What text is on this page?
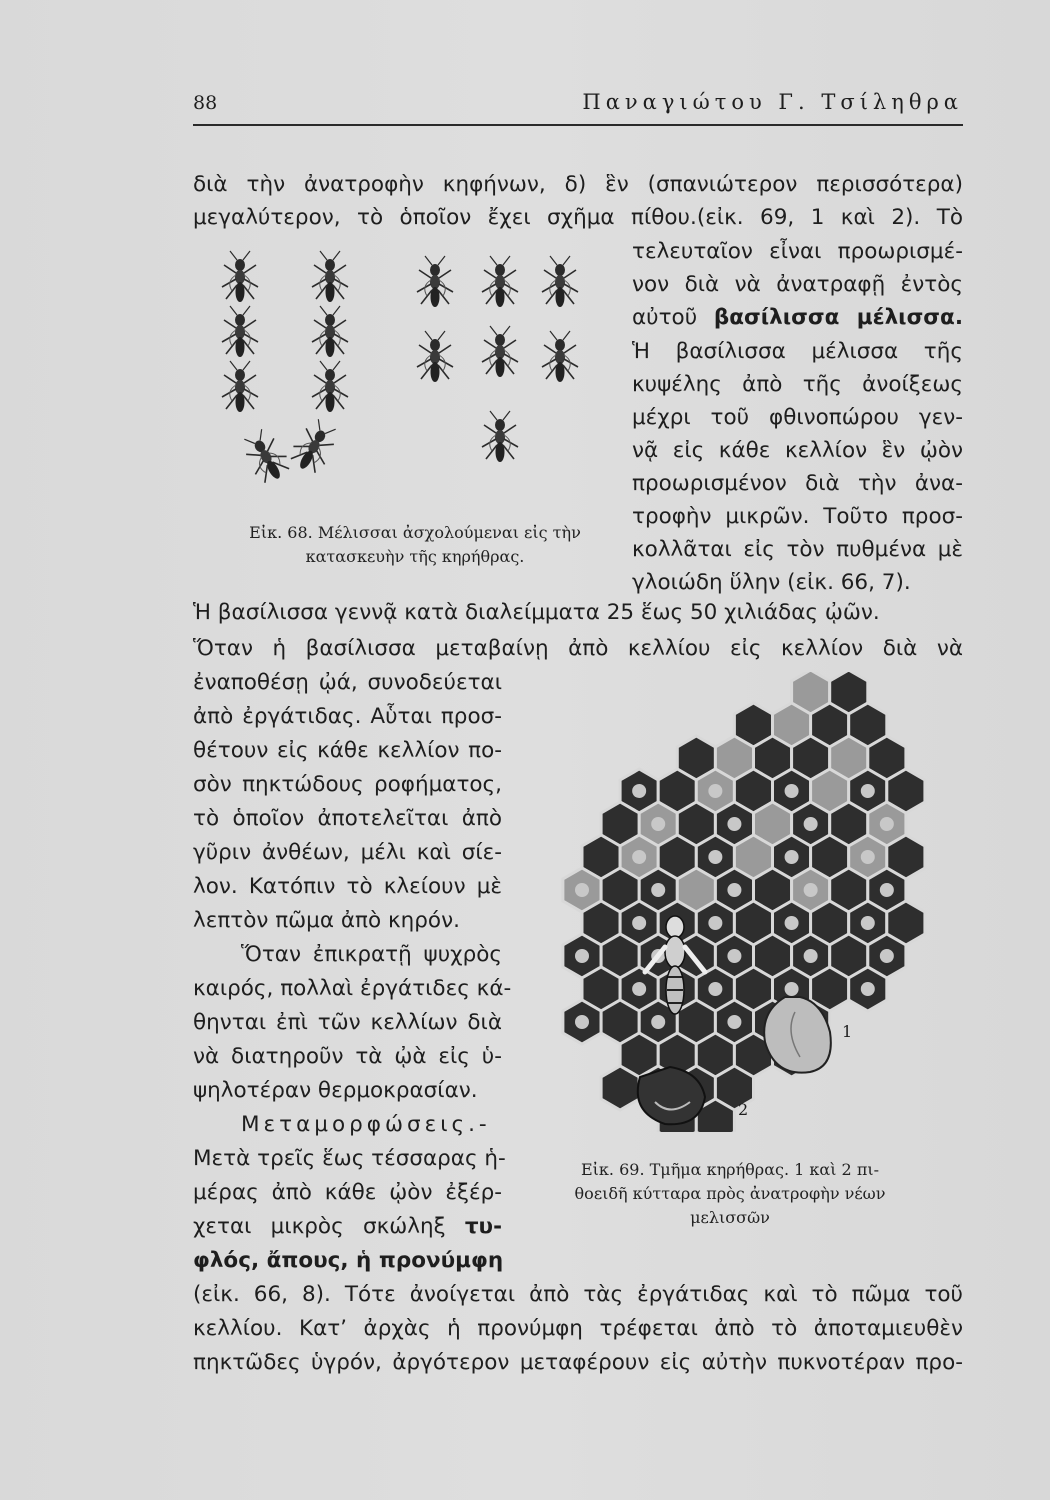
88	Παναγιώτου Γ. Τσίληθρα
διὰ τὴν ἀνατροφὴν κηφήνων, δ) ἓν (σπανιώτερον περισσότερα)
μεγαλύτερον, τὸ ὁποῖον ἔχει σχῆμα πίθου.(εἰκ. 69, 1 καὶ 2). Τὸ
τελευταῖον εἶναι προωρισμέ-
νον διὰ νὰ ἀνατραφῇ ἐντὸς
αὐτοῦ βασίλισσα μέλισσα.
Ἡ βασίλισσα μέλισσα τῆς
κυψέλης ἀπὸ τῆς ἀνοίξεως
μέχρι τοῦ φθινοπώρου γεν-
νᾷ εἰς κάθε κελλίον ἓν ᾠὸν
προωρισμένον διὰ τὴν ἀνα-
τροφὴν μικρῶν. Τοῦτο προσ-
κολλᾶται εἰς τὸν πυθμένα μὲ
γλοιώδη ὕλην (εἰκ. 66, 7).
Εἰκ. 68. Μέλισσαι ἀσχολούμεναι εἰς τὴν
κατασκευὴν τῆς κηρήθρας.
Ἡ βασίλισσα γεννᾷ κατὰ διαλείμματα 25 ἕως 50 χιλιάδας ᾠῶν.
Ὅταν ἡ βασίλισσα μεταβαίνῃ ἀπὸ κελλίου εἰς κελλίον διὰ νὰ
ἐναποθέσῃ ᾠά, συνοδεύεται
ἀπὸ ἐργάτιδας. Αὗται προσ-
θέτουν εἰς κάθε κελλίον πο-
σὸν πηκτώδους ροφήματος,
τὸ ὁποῖον ἀποτελεῖται ἀπὸ
γῦριν ἀνθέων, μέλι καὶ σίε-
λον. Κατόπιν τὸ κλείουν μὲ
λεπτὸν πῶμα ἀπὸ κηρόν.
Ὅταν ἐπικρατῇ ψυχρὸς
καιρός, πολλαὶ ἐργάτιδες κά-
θηνται ἐπὶ τῶν κελλίων διὰ
νὰ διατηροῦν τὰ ᾠὰ εἰς ὑ-
ψηλοτέραν θερμοκρασίαν.
Μεταμορφώσεις.-
Μετὰ τρεῖς ἕως τέσσαρας ἡ-
μέρας ἀπὸ κάθε ᾠὸν ἐξέρ-
χεται μικρὸς σκώληξ τυ-
φλός, ἄπους, ἡ προνύμφη
1
2
Εἰκ. 69. Τμῆμα κηρήθρας. 1 καὶ 2 πι-
θοειδῆ κύτταρα πρὸς ἀνατροφὴν νέων
μελισσῶν
(εἰκ. 66, 8). Τότε ἀνοίγεται ἀπὸ τὰς ἐργάτιδας καὶ τὸ πῶμα τοῦ
κελλίου. Κατ’ ἀρχὰς ἡ προνύμφη τρέφεται ἀπὸ τὸ ἀποταμιευθὲν
πηκτῶδες ὑγρόν, ἀργότερον μεταφέρουν εἰς αὐτὴν πυκνοτέραν προ-
